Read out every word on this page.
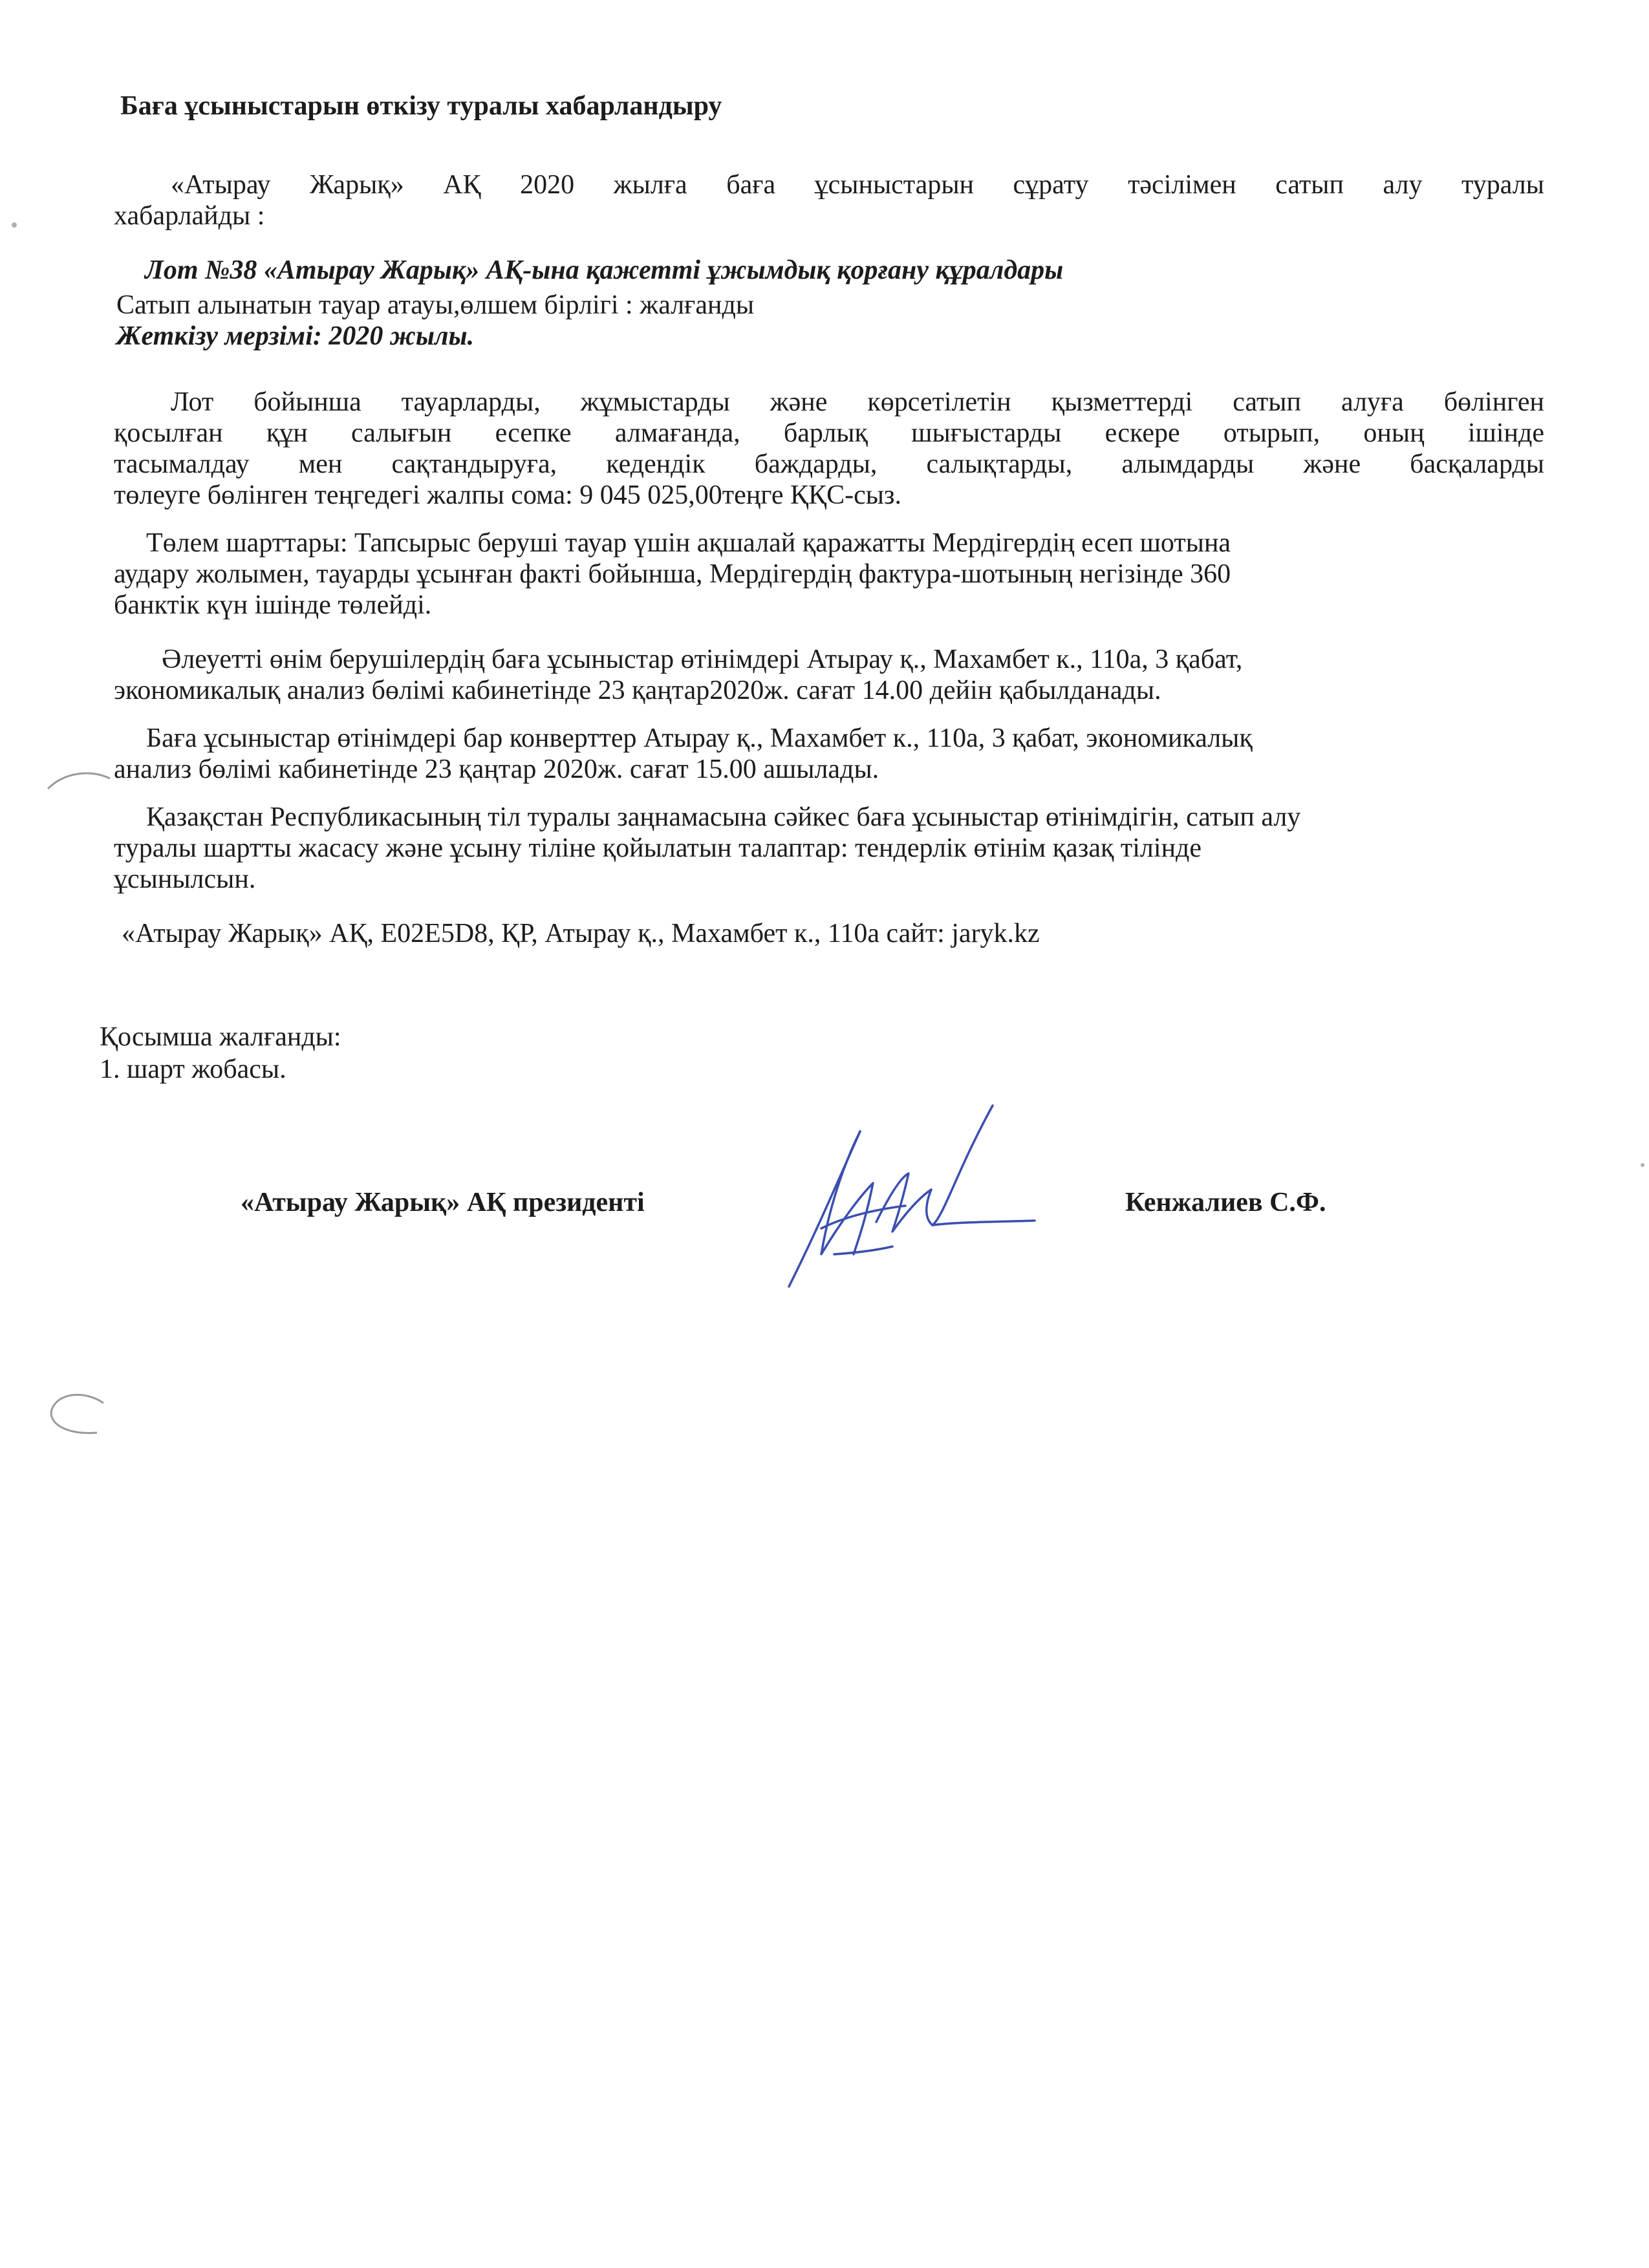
Баға ұсыныстарын өткізу туралы хабарландыру
«Атырау Жарық» АҚ 2020 жылға баға ұсыныстарын сұрату тәсілімен сатып алу туралы
хабарлайды :
Лот №38 «Атырау Жарық» АҚ-ына қажетті ұжымдық қорғану құралдары
Сатып алынатын тауар атауы,өлшем бірлігі : жалғанды
Жеткізу мерзімі: 2020 жылы.
Лот бойынша тауарларды, жұмыстарды және көрсетілетін қызметтерді сатып алуға бөлінген
қосылған құн салығын есепке алмағанда, барлық шығыстарды ескере отырып, оның ішінде
тасымалдау мен сақтандыруға, кедендік баждарды, салықтарды, алымдарды және басқаларды
төлеуге бөлінген теңгедегі жалпы сома: 9 045 025,00теңге ҚҚС-сыз.
Төлем шарттары: Тапсырыс беруші тауар үшін ақшалай қаражатты Мердігердің есеп шотына
аудару жолымен, тауарды ұсынған факті бойынша, Мердігердің фактура-шотының негізінде 360
банктік күн ішінде төлейді.
Әлеуетті өнім берушілердің баға ұсыныстар өтінімдері Атырау қ., Махамбет к., 110а, 3 қабат,
экономикалық анализ бөлімі кабинетінде 23 қаңтар2020ж. сағат 14.00 дейін қабылданады.
Баға ұсыныстар өтінімдері бар конверттер Атырау қ., Махамбет к., 110а, 3 қабат, экономикалық
анализ бөлімі кабинетінде 23 қаңтар 2020ж. сағат 15.00 ашылады.
Қазақстан Республикасының тіл туралы заңнамасына сәйкес баға ұсыныстар өтінімдігін, сатып алу
туралы шартты жасасу және ұсыну тіліне қойылатын талаптар: тендерлік өтінім қазақ тілінде
ұсынылсын.
«Атырау Жарық» АҚ, Е02Е5D8, ҚР, Атырау қ., Махамбет к., 110а сайт: jaryk.kz
Қосымша жалғанды:
1. шарт жобасы.
«Атырау Жарық» АҚ президенті	Кенжалиев С.Ф.
